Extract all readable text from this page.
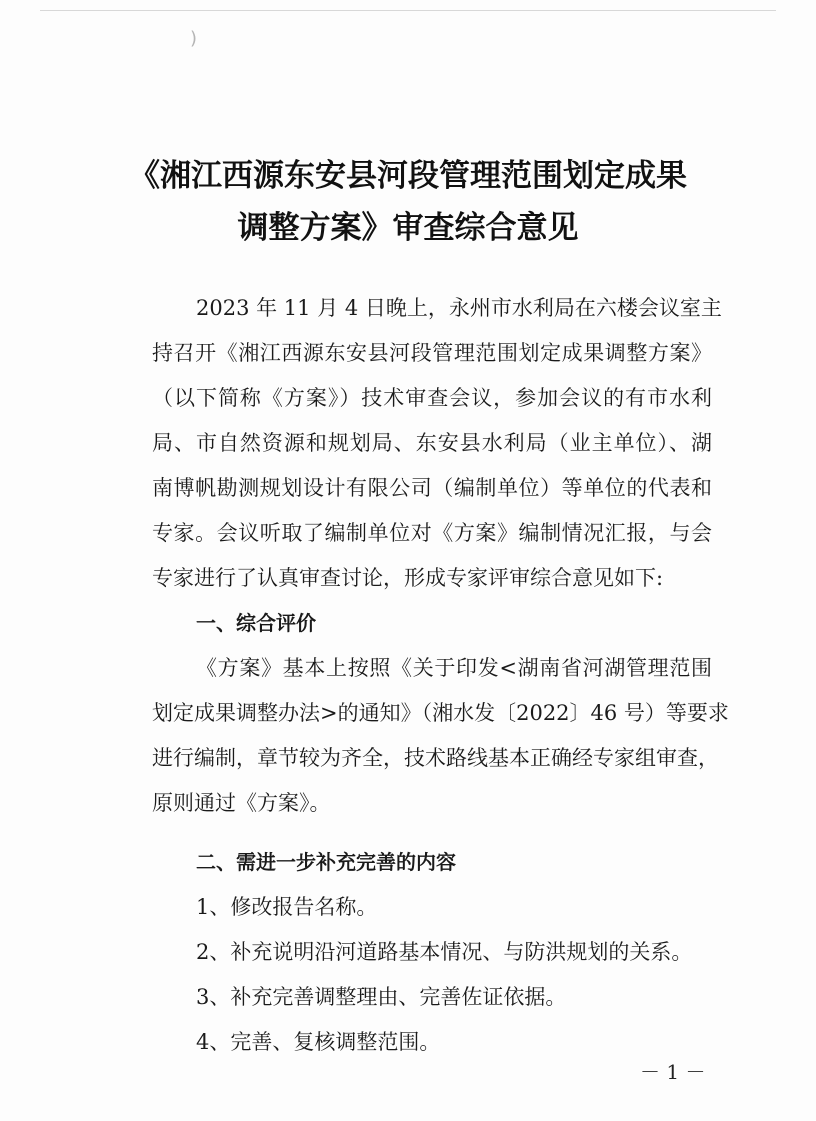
)
《湘江西源东安县河段管理范围划定成果
调整方案》审查综合意见
2023 年 11 月 4 日晚上，永州市水利局在六楼会议室主
持召开《湘江西源东安县河段管理范围划定成果调整方案》
（以下简称《方案》）技术审查会议，参加会议的有市水利
局、市自然资源和规划局、东安县水利局（业主单位）、湖
南博帆勘测规划设计有限公司（编制单位）等单位的代表和
专家。会议听取了编制单位对《方案》编制情况汇报，与会
专家进行了认真审查讨论，形成专家评审综合意见如下:
一、综合评价
《方案》基本上按照《关于印发<湖南省河湖管理范围
划定成果调整办法>的通知》（湘水发〔2022〕46 号）等要求
进行编制，章节较为齐全，技术路线基本正确经专家组审查，
原则通过《方案》。
二、需进一步补充完善的内容
1、修改报告名称。
2、补充说明沿河道路基本情况、与防洪规划的关系。
3、补充完善调整理由、完善佐证依据。
4、完善、复核调整范围。
－ 1 －
